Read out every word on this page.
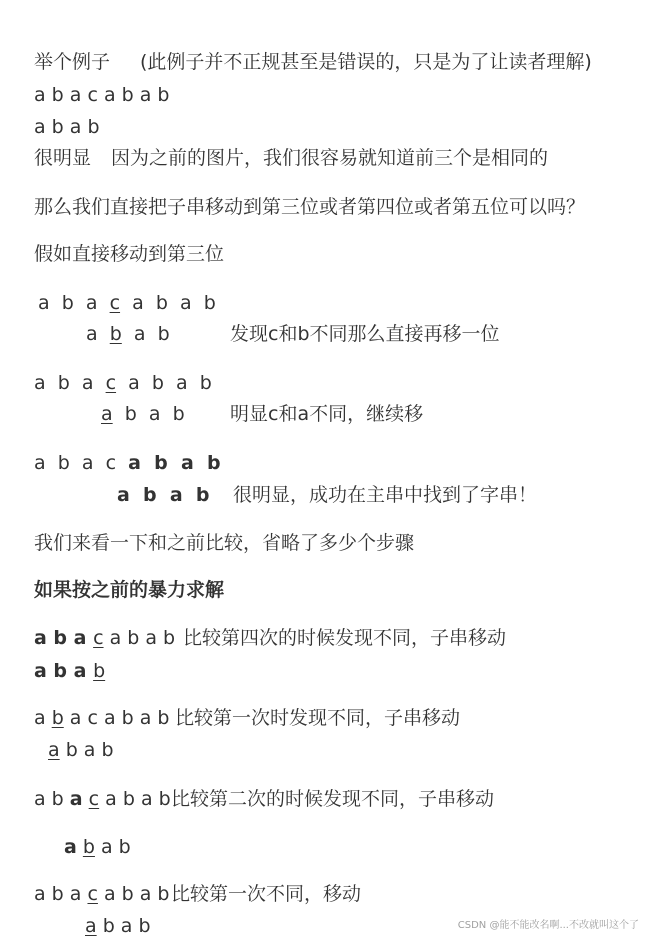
举个例子 (此例子并不正规甚至是错误的，只是为了让读者理解)
a b a c a b a b
a b a b
很明显 因为之前的图片，我们很容易就知道前三个是相同的
那么我们直接把子串移动到第三位或者第四位或者第五位可以吗？
假如直接移动到第三位
a  b  a  c  a  b  a  b
a  b  a  b	发现c和b不同那么直接再移一位
a  b  a  c  a  b  a  b
a  b  a  b 明显c和a不同，继续移
a  b  a  c  a  b  a  b
a  b  a  b 很明显，成功在主串中找到了字串！
我们来看一下和之前比较，省略了多少个步骤
如果按之前的暴力求解
a b a c a b a b 比较第四次的时候发现不同，子串移动
a b a b
a b a c a b a b 比较第一次时发现不同，子串移动
a b a b
a b a c a b a b 比较第二次的时候发现不同，子串移动
a b a b
a b a c a b a b 比较第一次不同，移动
a b a b	CSDN @能不能改名啊...不改就叫这个了
